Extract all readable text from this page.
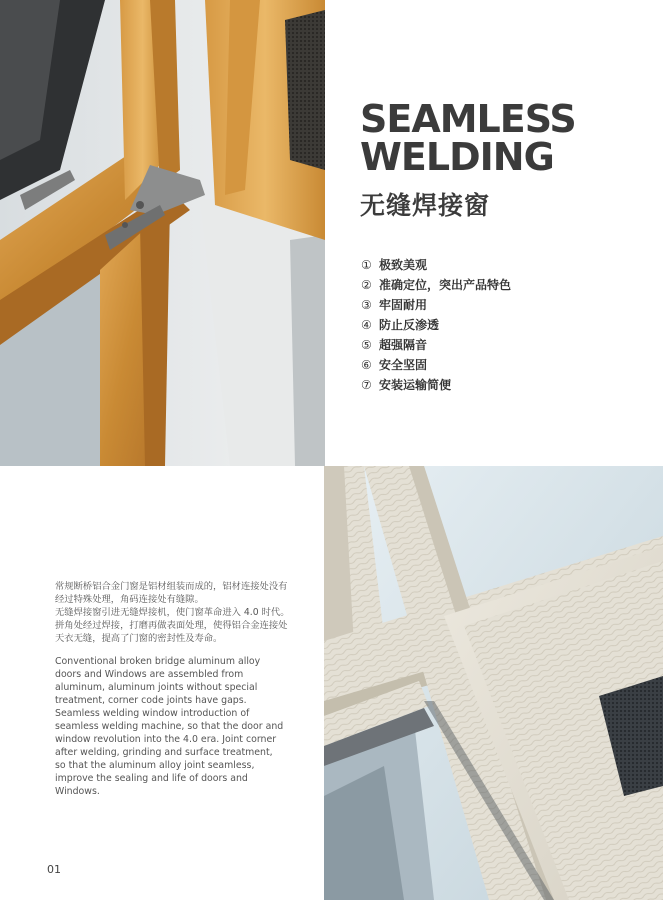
SEAMLESS
WELDING
无缝焊接窗
① 极致美观
② 准确定位，突出产品特色
③ 牢固耐用
④ 防止反渗透
⑤ 超强隔音
⑥ 安全坚固
⑦ 安装运输简便

常规断桥铝合金门窗是铝材组装而成的，铝材连接处没有经过特殊处理，角码连接处有缝隙。

无缝焊接窗引进无缝焊接机，使门窗革命进入 4.0 时代。拼角处经过焊接，打磨再做表面处理，使得铝合金连接处天衣无缝，提高了门窗的密封性及寿命。

Conventional broken bridge aluminum alloy doors and Windows are assembled from aluminum, aluminum joints without special treatment, corner code joints have gaps. Seamless welding window introduction of seamless welding machine, so that the door and window revolution into the 4.0 era. Joint corner after welding, grinding and surface treatment, so that the aluminum alloy joint seamless, improve the sealing and life of doors and Windows.

01
